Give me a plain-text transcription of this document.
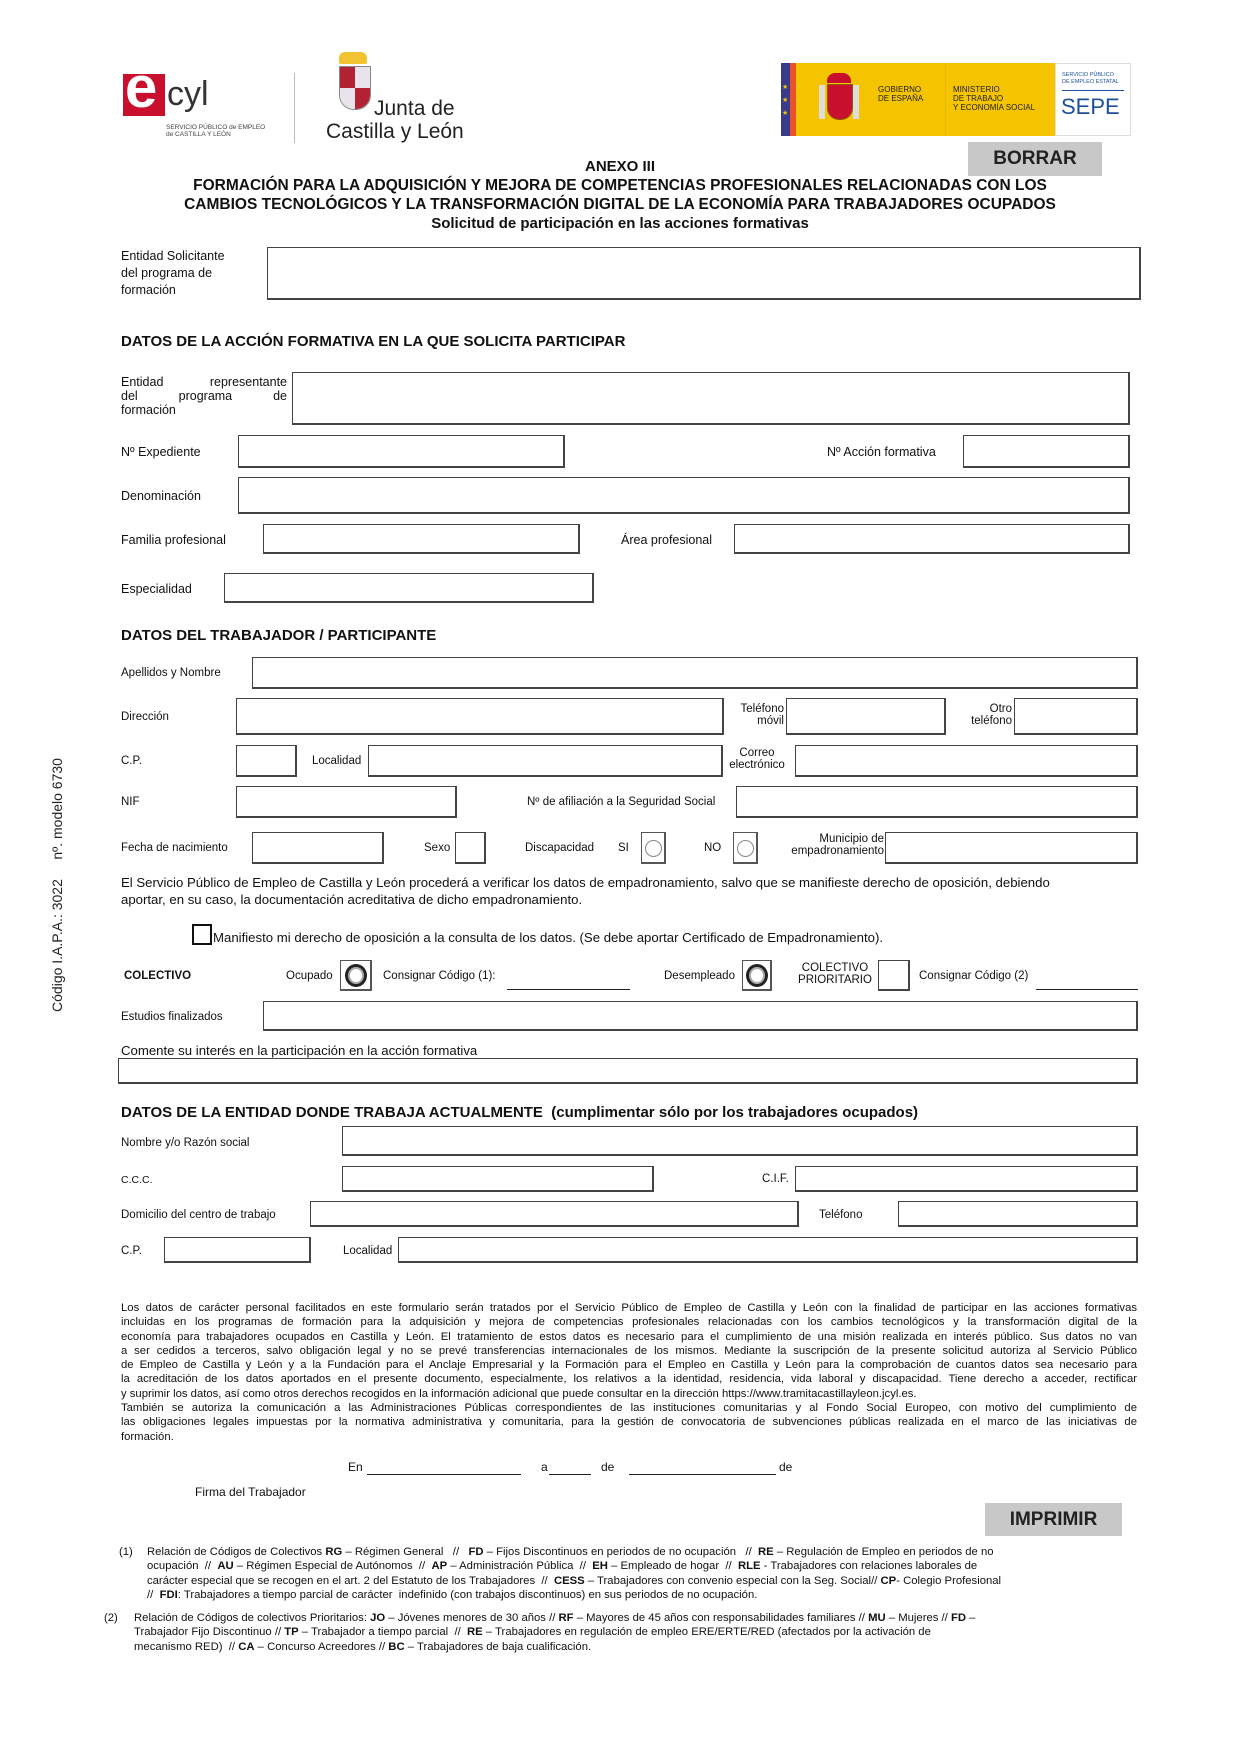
e cyl
SERVICIO PÚBLICO de EMPLEO
de CASTILLA Y LEÓN
Junta de
Castilla y León
★
★
★
GOBIERNO
DE ESPAÑA
MINISTERIO
DE TRABAJO
Y ECONOMÍA SOCIAL
SERVICIO PÚBLICO
DE EMPLEO ESTATAL
SEPE
BORRAR
ANEXO III
FORMACIÓN PARA LA ADQUISICIÓN Y MEJORA DE COMPETENCIAS PROFESIONALES RELACIONADAS CON LOS
CAMBIOS TECNOLÓGICOS Y LA TRANSFORMACIÓN DIGITAL DE LA ECONOMÍA PARA TRABAJADORES OCUPADOS
Solicitud de participación en las acciones formativas
Código I.A.P.A.: 3022     nº. modelo 6730
Entidad Solicitante
del programa de
formación
DATOS DE LA ACCIÓN FORMATIVA EN LA QUE SOLICITA PARTICIPAR
Entidad	representante
del	programa	de
formación
Nº Expediente	Nº Acción formativa
Denominación
Familia profesional	Área profesional
Especialidad
DATOS DEL TRABAJADOR / PARTICIPANTE
Apellidos y Nombre
Dirección
Teléfono
móvil
Otro
teléfono
C.P.	Localidad
Correo
electrónico
NIF	Nº de afiliación a la Seguridad Social
Fecha de nacimiento	Sexo	Discapacidad SI	NO
Municipio de
empadronamiento
El Servicio Público de Empleo de Castilla y León procederá a verificar los datos de empadronamiento, salvo que se manifieste derecho de oposición, debiendo
aportar, en su caso, la documentación acreditativa de dicho empadronamiento.
Manifiesto mi derecho de oposición a la consulta de los datos. (Se debe aportar Certificado de Empadronamiento).
COLECTIVO	Ocupado	Consignar Código (1):	Desempleado
COLECTIVO
PRIORITARIO	Consignar Código (2)
Estudios finalizados
Comente su interés en la participación en la acción formativa
DATOS DE LA ENTIDAD DONDE TRABAJA ACTUALMENTE (cumplimentar sólo por los trabajadores ocupados)
Nombre y/o Razón social
C.C.C.	C.I.F.
Domicilio del centro de trabajo	Teléfono
C.P.	Localidad
Los datos de carácter personal facilitados en este formulario serán tratados por el Servicio Público de Empleo de Castilla y León con la finalidad de participar en las acciones formativas
incluidas en los programas de formación para la adquisición y mejora de competencias profesionales relacionadas con los cambios tecnológicos y la transformación digital de la
economía para trabajadores ocupados en Castilla y León. El tratamiento de estos datos es necesario para el cumplimiento de una misión realizada en interés público. Sus datos no van
a ser cedidos a terceros, salvo obligación legal y no se prevé transferencias internacionales de los mismos. Mediante la suscripción de la presente solicitud autoriza al Servicio Público
de Empleo de Castilla y León y a la Fundación para el Anclaje Empresarial y la Formación para el Empleo en Castilla y León para la comprobación de cuantos datos sea necesario para
la acreditación de los datos aportados en el presente documento, especialmente, los relativos a la identidad, residencia, vida laboral y discapacidad. Tiene derecho a acceder, rectificar
y suprimir los datos, así como otros derechos recogidos en la información adicional que puede consultar en la dirección https://www.tramitacastillayleon.jcyl.es.
También se autoriza la comunicación a las Administraciones Públicas correspondientes de las instituciones comunitarias y al Fondo Social Europeo, con motivo del cumplimiento de
las obligaciones legales impuestas por la normativa administrativa y comunitaria, para la gestión de convocatoria de subvenciones públicas realizada en el marco de las iniciativas de
formación.
En	a	de	de
Firma del Trabajador
IMPRIMIR
(1)	Relación de Códigos de Colectivos RG – Régimen General   //   FD – Fijos Discontinuos en periodos de no ocupación   //  RE – Regulación de Empleo en periodos de no
ocupación  //  AU – Régimen Especial de Autónomos  //  AP – Administración Pública  //  EH – Empleado de hogar  //  RLE - Trabajadores con relaciones laborales de
carácter especial que se recogen en el art. 2 del Estatuto de los Trabajadores  //  CESS – Trabajadores con convenio especial con la Seg. Social// CP- Colegio Profesional
//  FDI: Trabajadores a tiempo parcial de carácter  indefinido (con trabajos discontinuos) en sus periodos de no ocupación.
(2)	Relación de Códigos de colectivos Prioritarios: JO – Jóvenes menores de 30 años // RF – Mayores de 45 años con responsabilidades familiares // MU – Mujeres // FD –
Trabajador Fijo Discontinuo // TP – Trabajador a tiempo parcial  //  RE – Trabajadores en regulación de empleo ERE/ERTE/RED (afectados por la activación de
mecanismo RED)  // CA – Concurso Acreedores // BC – Trabajadores de baja cualificación.
